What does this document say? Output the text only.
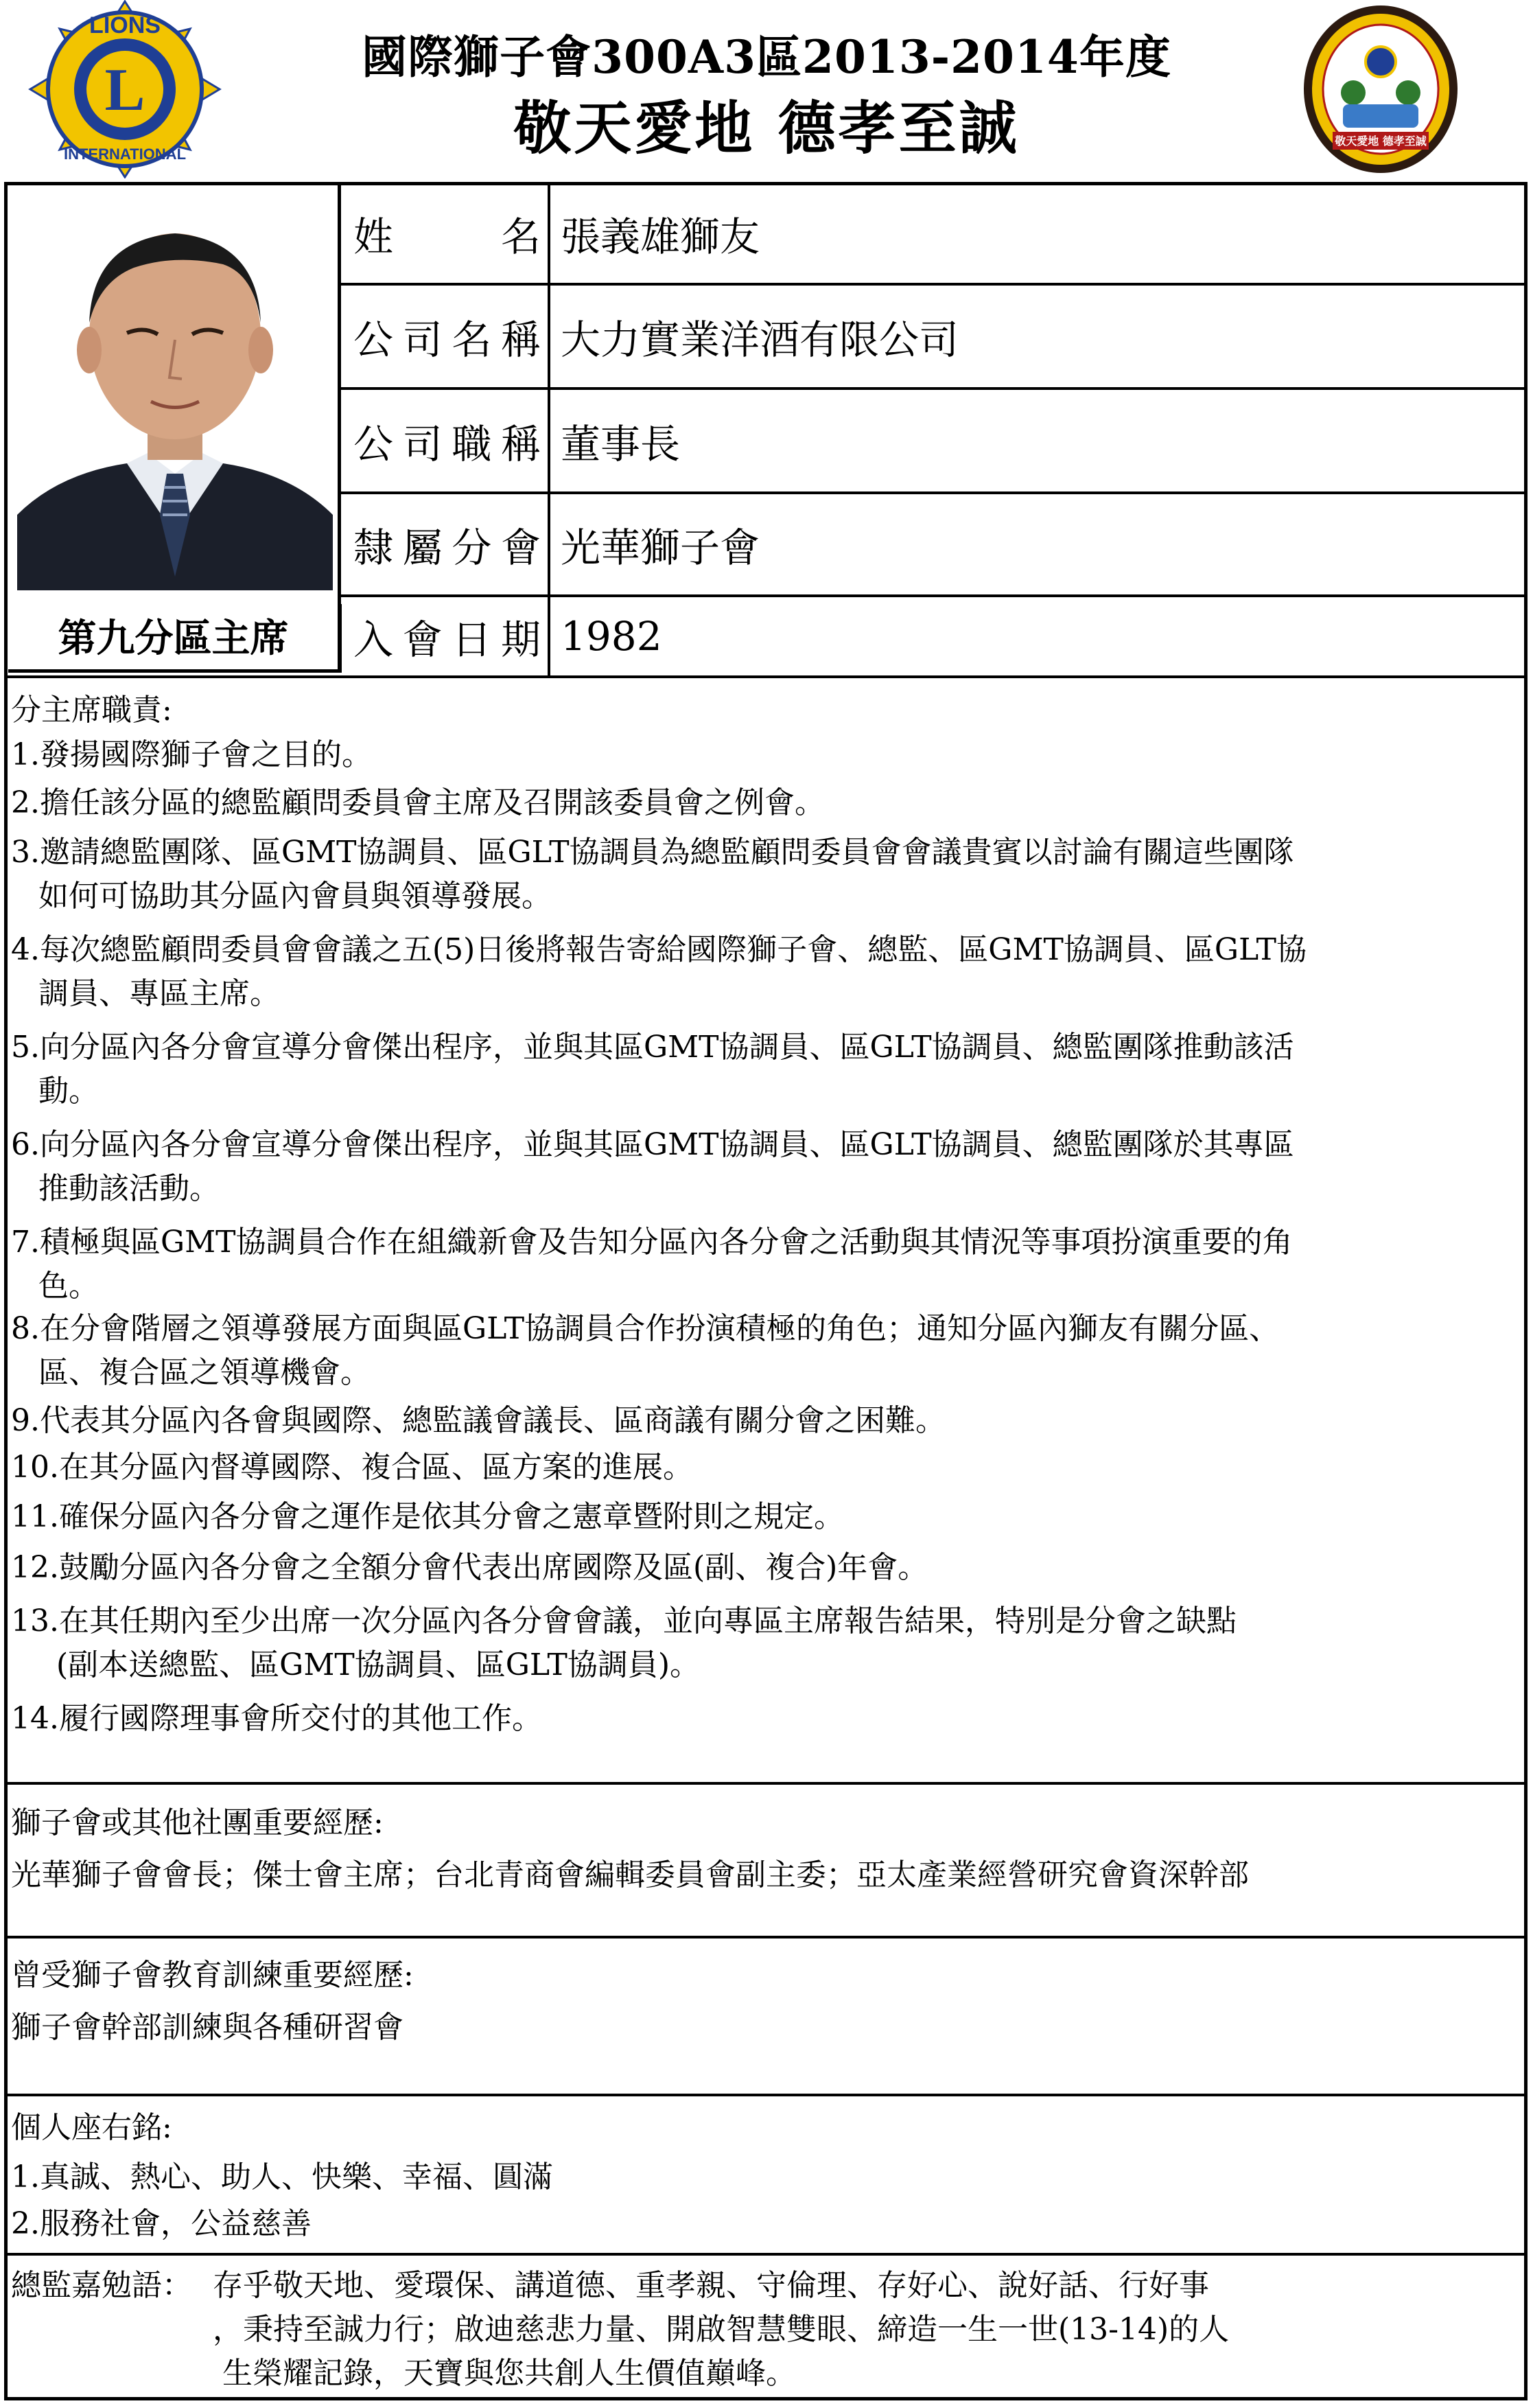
L
LIONS
INTERNATIONAL
敬天愛地 德孝至誠
國際獅子會300A3區2013-2014年度
敬天愛地 德孝至誠
第九分區主席
姓名 張義雄獅友
公司名稱 大力實業洋酒有限公司
公司職稱 董事長
隸屬分會 光華獅子會
入會日期 1982
分主席職責:
1.發揚國際獅子會之目的。
2.擔任該分區的總監顧問委員會主席及召開該委員會之例會。
3.邀請總監團隊、區GMT協調員、區GLT協調員為總監顧問委員會會議貴賓以討論有關這些團隊
如何可協助其分區內會員與領導發展。
4.每次總監顧問委員會會議之五(5)日後將報告寄給國際獅子會、總監、區GMT協調員、區GLT協
調員、專區主席。
5.向分區內各分會宣導分會傑出程序，並與其區GMT協調員、區GLT協調員、總監團隊推動該活
動。
6.向分區內各分會宣導分會傑出程序，並與其區GMT協調員、區GLT協調員、總監團隊於其專區
推動該活動。
7.積極與區GMT協調員合作在組織新會及告知分區內各分會之活動與其情況等事項扮演重要的角
色。
8.在分會階層之領導發展方面與區GLT協調員合作扮演積極的角色；通知分區內獅友有關分區、
區、複合區之領導機會。
9.代表其分區內各會與國際、總監議會議長、區商議有關分會之困難。
10.在其分區內督導國際、複合區、區方案的進展。
11.確保分區內各分會之運作是依其分會之憲章暨附則之規定。
12.鼓勵分區內各分會之全額分會代表出席國際及區(副、複合)年會。
13.在其任期內至少出席一次分區內各分會會議，並向專區主席報告結果，特別是分會之缺點
(副本送總監、區GMT協調員、區GLT協調員)。
14.履行國際理事會所交付的其他工作。
獅子會或其他社團重要經歷:
光華獅子會會長；傑士會主席；台北青商會編輯委員會副主委；亞太產業經營研究會資深幹部
曾受獅子會教育訓練重要經歷:
獅子會幹部訓練與各種研習會
個人座右銘:
1.真誠、熱心、助人、快樂、幸福、圓滿
2.服務社會，公益慈善
總監嘉勉語： 存乎敬天地、愛環保、講道德、重孝親、守倫理、存好心、說好話、行好事
，秉持至誠力行；啟迪慈悲力量、開啟智慧雙眼、締造一生一世(13-14)的人
生榮耀記錄，天寶與您共創人生價值巔峰。
